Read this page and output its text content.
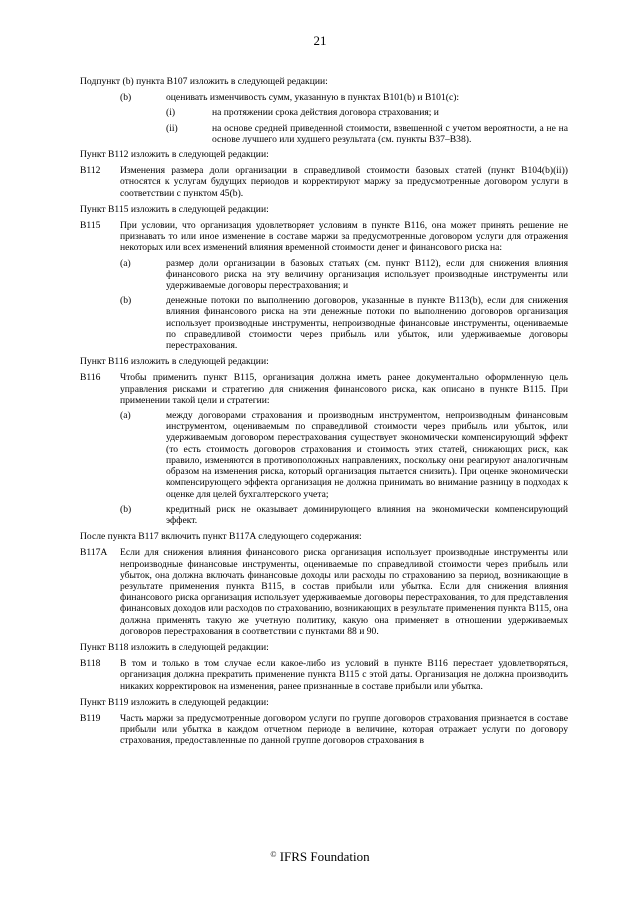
21

Подпункт (b) пункта B107 изложить в следующей редакции:

(b)	оценивать изменчивость сумм, указанную в пунктах B101(b) и B101(c):
(i)	на протяжении срока действия договора страхования; и
(ii)	на основе средней приведенной стоимости, взвешенной с учетом вероятности, а не на основе лучшего или худшего результата (см. пункты B37–B38).

Пункт B112 изложить в следующей редакции:

B112 Изменения размера доли организации в справедливой стоимости базовых статей (пункт B104(b)(ii)) относятся к услугам будущих периодов и корректируют маржу за предусмотренные договором услуги в соответствии с пунктом 45(b).

Пункт B115 изложить в следующей редакции:

B115 При условии, что организация удовлетворяет условиям в пункте B116, она может принять решение не признавать то или иное изменение в составе маржи за предусмотренные договором услуги для отражения некоторых или всех изменений влияния временной стоимости денег и финансового риска на:
(a)	размер доли организации в базовых статьях (см. пункт B112), если для снижения влияния финансового риска на эту величину организация использует производные инструменты или удерживаемые договоры перестрахования; и
(b)	денежные потоки по выполнению договоров, указанные в пункте B113(b), если для снижения влияния финансового риска на эти денежные потоки по выполнению договоров организация использует производные инструменты, непроизводные финансовые инструменты, оцениваемые по справедливой стоимости через прибыль или убыток, или удерживаемые договоры перестрахования.

Пункт B116 изложить в следующей редакции:

B116 Чтобы применить пункт B115, организация должна иметь ранее документально оформленную цель управления рисками и стратегию для снижения финансового риска, как описано в пункте B115. При применении такой цели и стратегии:
(a)	между договорами страхования и производным инструментом, непроизводным финансовым инструментом, оцениваемым по справедливой стоимости через прибыль или убыток, или удерживаемым договором перестрахования существует экономически компенсирующий эффект (то есть стоимость договоров страхования и стоимость этих статей, снижающих риск, как правило, изменяются в противоположных направлениях, поскольку они реагируют аналогичным образом на изменения риска, который организация пытается снизить). При оценке экономически компенсирующего эффекта организация не должна принимать во внимание разницу в подходах к оценке для целей бухгалтерского учета;
(b)	кредитный риск не оказывает доминирующего влияния на экономически компенсирующий эффект.

После пункта B117 включить пункт B117A следующего содержания:

B117A Если для снижения влияния финансового риска организация использует производные инструменты или непроизводные финансовые инструменты, оцениваемые по справедливой стоимости через прибыль или убыток, она должна включать финансовые доходы или расходы по страхованию за период, возникающие в результате применения пункта B115, в состав прибыли или убытка. Если для снижения влияния финансового риска организация использует удерживаемые договоры перестрахования, то для представления финансовых доходов или расходов по страхованию, возникающих в результате применения пункта B115, она должна применять такую же учетную политику, какую она применяет в отношении удерживаемых договоров перестрахования в соответствии с пунктами 88 и 90.

Пункт B118 изложить в следующей редакции:

B118 В том и только в том случае если какое-либо из условий в пункте B116 перестает удовлетворяться, организация должна прекратить применение пункта B115 с этой даты. Организация не должна производить никаких корректировок на изменения, ранее признанные в составе прибыли или убытка.

Пункт B119 изложить в следующей редакции:

B119 Часть маржи за предусмотренные договором услуги по группе договоров страхования признается в составе прибыли или убытка в каждом отчетном периоде в величине, которая отражает услуги по договору страхования, предоставленные по данной группе договоров страхования в
© IFRS Foundation
